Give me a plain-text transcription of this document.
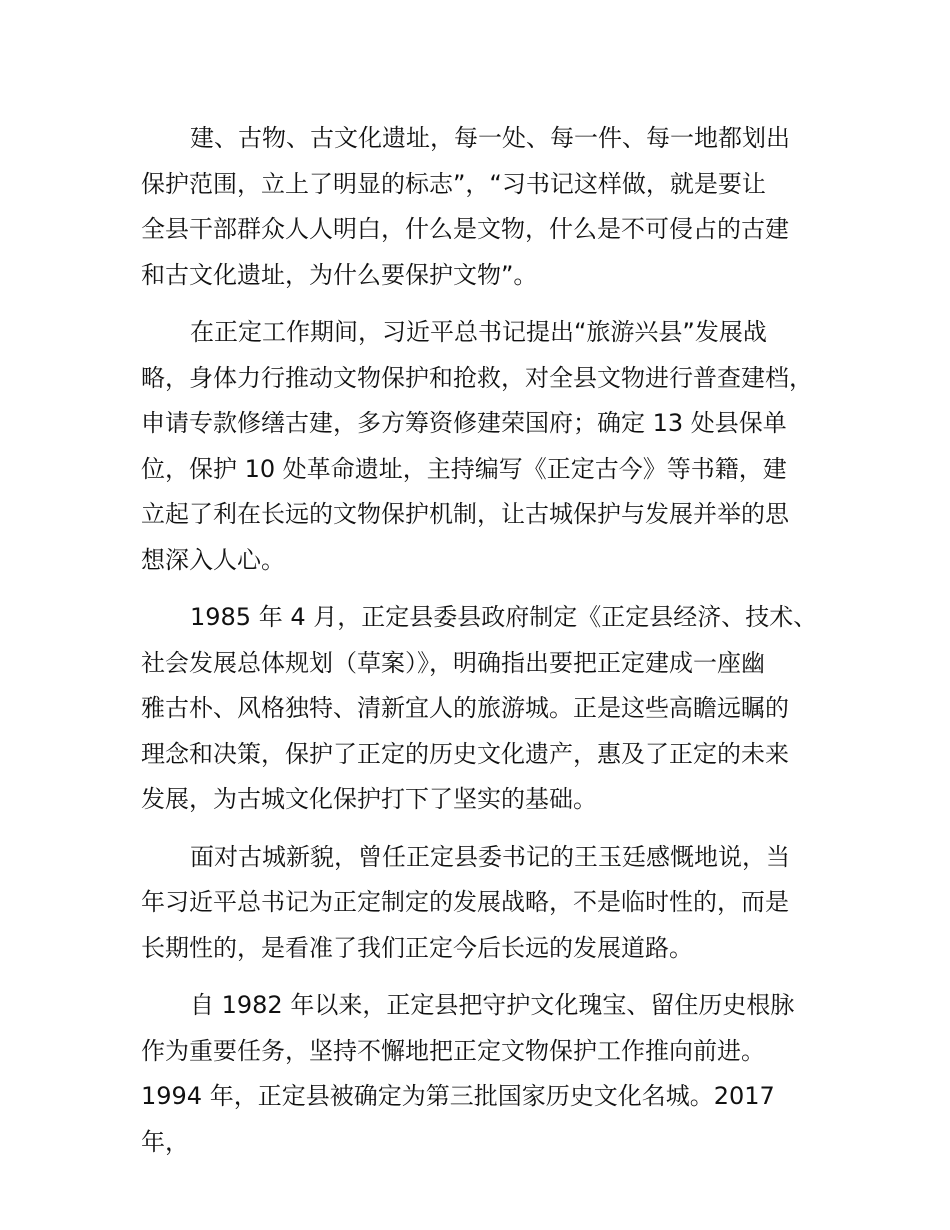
建、古物、古文化遗址，每一处、每一件、每一地都划出
保护范围，立上了明显的标志”，“习书记这样做，就是要让
全县干部群众人人明白，什么是文物，什么是不可侵占的古建
和古文化遗址，为什么要保护文物”。
在正定工作期间，习近平总书记提出“旅游兴县”发展战
略，身体力行推动文物保护和抢救，对全县文物进行普查建档，
申请专款修缮古建，多方筹资修建荣国府；确定 13 处县保单
位，保护 10 处革命遗址，主持编写《正定古今》等书籍，建
立起了利在长远的文物保护机制，让古城保护与发展并举的思
想深入人心。
1985 年 4 月，正定县委县政府制定《正定县经济、技术、
社会发展总体规划（草案）》，明确指出要把正定建成一座幽
雅古朴、风格独特、清新宜人的旅游城。正是这些高瞻远瞩的
理念和决策，保护了正定的历史文化遗产，惠及了正定的未来
发展，为古城文化保护打下了坚实的基础。
面对古城新貌，曾任正定县委书记的王玉廷感慨地说，当
年习近平总书记为正定制定的发展战略，不是临时性的，而是
长期性的，是看准了我们正定今后长远的发展道路。
自 1982 年以来，正定县把守护文化瑰宝、留住历史根脉
作为重要任务，坚持不懈地把正定文物保护工作推向前进。
1994 年，正定县被确定为第三批国家历史文化名城。2017
年，
